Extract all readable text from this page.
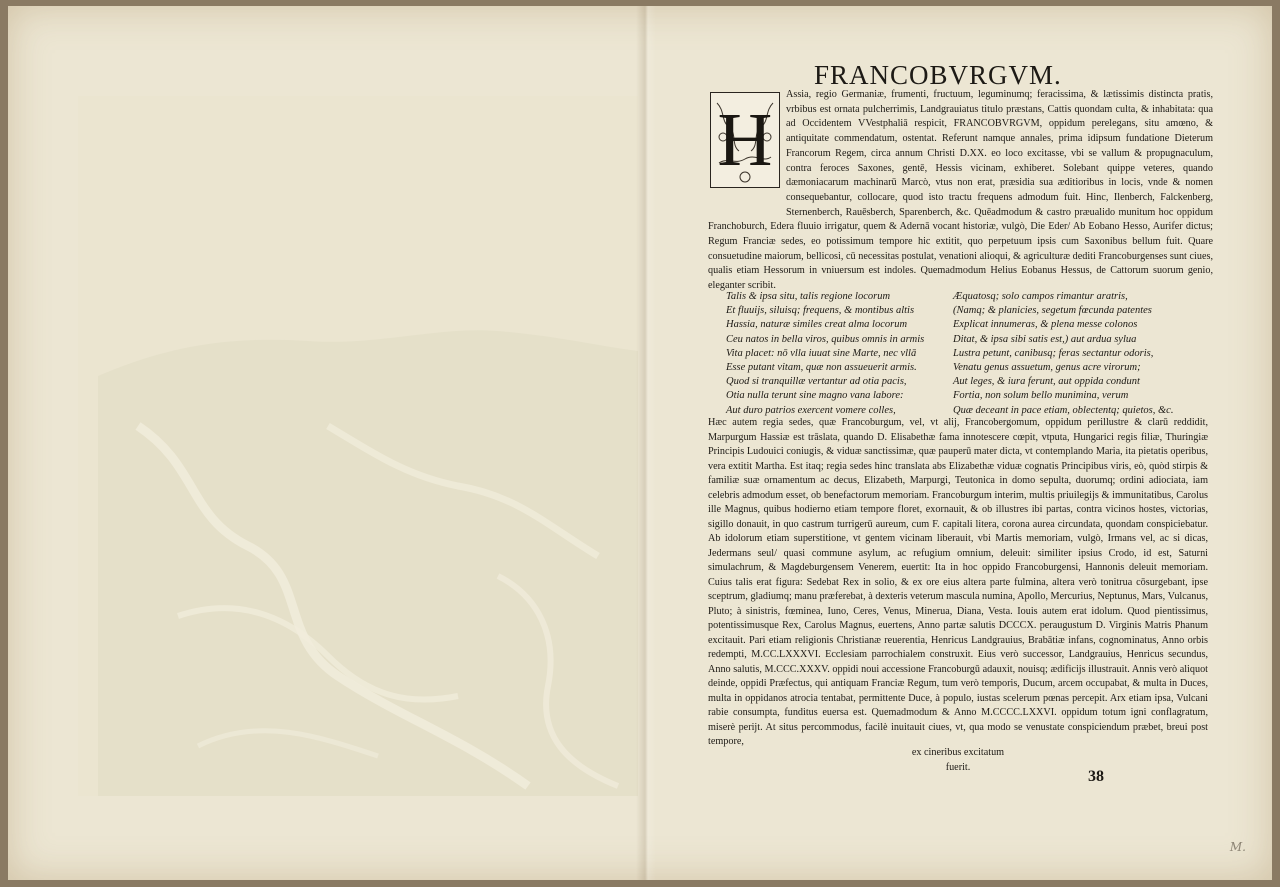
FRANCOBVRGVM.
H
Assia, regio Germaniæ, frumenti, fructuum, leguminumq; feracissima, & lætissimis distincta pratis, vrbibus est ornata pulcherrimis, Landgrauiatus titulo præstans, Cattis quondam culta, & inhabitata: qua ad Occidentem VVestphaliā respicit, FRANCOBVRGVM, oppidum perelegans, situ amœno, & antiquitate commendatum, ostentat. Referunt namque annales, prima idipsum fundatione Dieterum Francorum Regem, circa annum Christi D.XX. eo loco excitasse, vbi se vallum & propugnaculum, contra feroces Saxones, gentē, Hessis vicinam, exhiberet. Solebant quippe veteres, quando dæmoniacarum machinarū Marcò, vtus non erat, præsidia sua æditioribus in locis, vnde & nomen consequebantur, collocare, quod isto tractu frequens admodum fuit. Hinc, Ilenberch, Falckenberg, Sternenberch, Rauēsberch, Sparenberch, &c. Quēadmodum & castro præualido munitum hoc oppidum Franchoburch, Edera fluuio irrigatur, quem & Adernā vocant historiæ, vulgò, Die Eder/ Ab Eobano Hesso, Aurifer dictus; Regum Franciæ sedes, eo potissimum tempore hic extitit, quo perpetuum ipsis cum Saxonibus bellum fuit. Quare consuetudine maiorum, bellicosi, cū necessitas postulat, venationi alioqui, & agriculturæ dediti Francoburgenses sunt ciues, qualis etiam Hessorum in vniuersum est indoles. Quemadmodum Helius Eobanus Hessus, de Cattorum suorum genio, eleganter scribit.
Talis & ipsa situ, talis regione locorum
Et fluuijs, siluisq; frequens, & montibus altis
Hassia, naturæ similes creat alma locorum
Ceu natos in bella viros, quibus omnis in armis
Vita placet: nō vlla iuuat sine Marte, nec vllā
Esse putant vitam, quæ non assueuerit armis.
Quod si tranquillæ vertantur ad otia pacis,
Otia nulla terunt sine magno vana labore:
Aut duro patrios exercent vomere colles,
Æquatosq; solo campos rimantur aratris,
(Namq; & planicies, segetum fœcunda patentes
Explicat innumeras, & plena messe colonos
Ditat, & ipsa sibi satis est,) aut ardua sylua
Lustra petunt, canibusq; feras sectantur odoris,
Venatu genus assuetum, genus acre virorum;
Aut leges, & iura ferunt, aut oppida condunt
Fortia, non solum bello munimina, verum
Quæ deceant in pace etiam, oblectentq; quietos, &c.
Hæc autem regia sedes, quæ Francoburgum, vel, vt alij, Francobergomum, oppidum perillustre & clarū reddidit, Marpurgum Hassiæ est trāslata, quando D. Elisabethæ fama innotescere cœpit, vtputa, Hungarici regis filiæ, Thuringiæ Principis Ludouici coniugis, & viduæ sanctissimæ, quæ pauperū mater dicta, vt contemplando Maria, ita pietatis operibus, vera extitit Martha. Est itaq; regia sedes hinc translata abs Elizabethæ viduæ cognatis Principibus viris, eò, quòd stirpis & familiæ suæ ornamentum ac decus, Elizabeth, Marpurgi, Teutonica in domo sepulta, duorumq; ordini adiociata, iam celebris admodum esset, ob benefactorum memoriam. Francoburgum interim, multis priuilegijs & immunitatibus, Carolus ille Magnus, quibus hodierno etiam tempore floret, exornauit, & ob illustres ibi partas, contra vicinos hostes, victorias, sigillo donauit, in quo castrum turrigerū aureum, cum F. capitali litera, corona aurea circundata, quondam conspiciebatur. Ab idolorum etiam superstitione, vt gentem vicinam liberauit, vbi Martis memoriam, vulgò, Irmans vel, ac si dicas, Jedermans seul/ quasi commune asylum, ac refugium omnium, deleuit: similiter ipsius Crodo, id est, Saturni simulachrum, & Magdeburgensem Venerem, euertit: Ita in hoc oppido Francoburgensi, Hannonis deleuit memoriam. Cuius talis erat figura: Sedebat Rex in solio, & ex ore eius altera parte fulmina, altera verò tonitrua cōsurgebant, ipse sceptrum, gladiumq; manu præferebat, à dexteris veterum mascula numina, Apollo, Mercurius, Neptunus, Mars, Vulcanus, Pluto; à sinistris, fœminea, Iuno, Ceres, Venus, Minerua, Diana, Vesta. Iouis autem erat idolum. Quod pientissimus, potentissimusque Rex, Carolus Magnus, euertens, Anno partæ salutis DCCCX. peraugustum D. Virginis Matris Phanum excitauit. Pari etiam religionis Christianæ reuerentia, Henricus Landgrauius, Brabātiæ infans, cognominatus, Anno orbis redempti, M.CC.LXXXVI. Ecclesiam parrochialem construxit. Eius verò successor, Landgrauius, Henricus secundus, Anno salutis, M.CCC.XXXV. oppidi noui accessione Francoburgū adauxit, nouisq; ædificijs illustrauit. Annis verò aliquot deinde, oppidi Præfectus, qui antiquam Franciæ Regum, tum verò temporis, Ducum, arcem occupabat, & multa in Duces, multa in oppidanos atrocia tentabat, permittente Duce, à populo, iustas scelerum pœnas percepit. Arx etiam ipsa, Vulcani rabie consumpta, funditus euersa est. Quemadmodum & Anno M.CCCC.LXXVI. oppidum totum igni conflagratum, miserè perijt. At situs percommodus, facilè inuitauit ciues, vt, qua modo se venustate conspiciendum præbet, breui post tempore,
ex cineribus excitatum
fuerit.
38
M.
